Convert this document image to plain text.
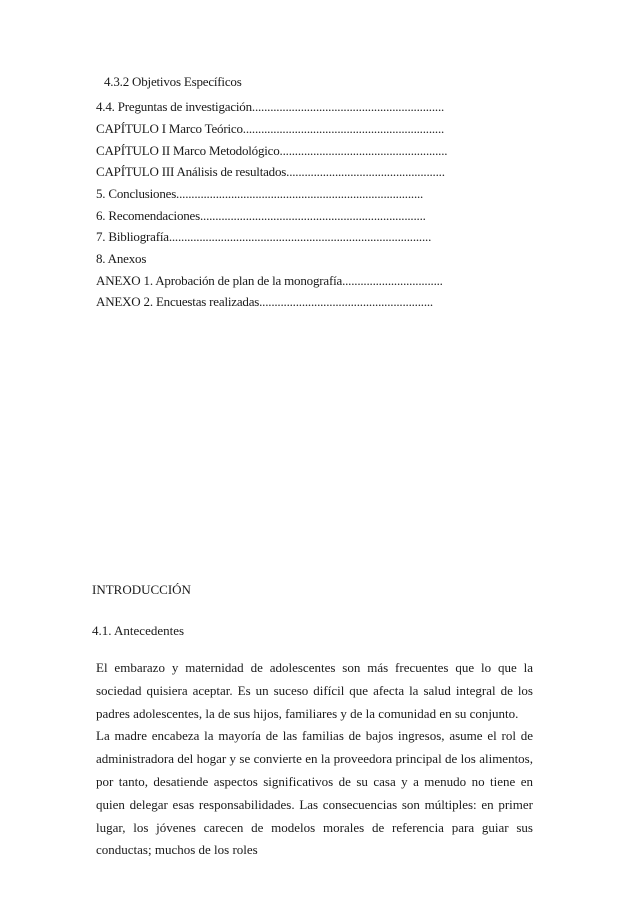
4.3.2 Objetivos Específicos
4.4. Preguntas de investigación...............................................................
CAPÍTULO I Marco Teórico..................................................................
CAPÍTULO II Marco Metodológico.......................................................
CAPÍTULO III Análisis de resultados....................................................
5. Conclusiones.................................................................................
6. Recomendaciones..........................................................................
7. Bibliografía......................................................................................
8. Anexos
ANEXO 1. Aprobación de plan de la monografía.................................
ANEXO 2. Encuestas realizadas.........................................................
INTRODUCCIÓN
4.1. Antecedentes

El embarazo y maternidad de adolescentes son más frecuentes que lo que la sociedad quisiera aceptar. Es un suceso difícil que afecta la salud integral de los padres adolescentes, la de sus hijos, familiares y de la comunidad en su conjunto.

La madre encabeza la mayoría de las familias de bajos ingresos, asume el rol de administradora del hogar y se convierte en la proveedora principal de los alimentos, por tanto, desatiende aspectos significativos de su casa y a menudo no tiene en quien delegar esas responsabilidades. Las consecuencias son múltiples: en primer lugar, los jóvenes carecen de modelos morales de referencia para guiar sus conductas; muchos de los roles
